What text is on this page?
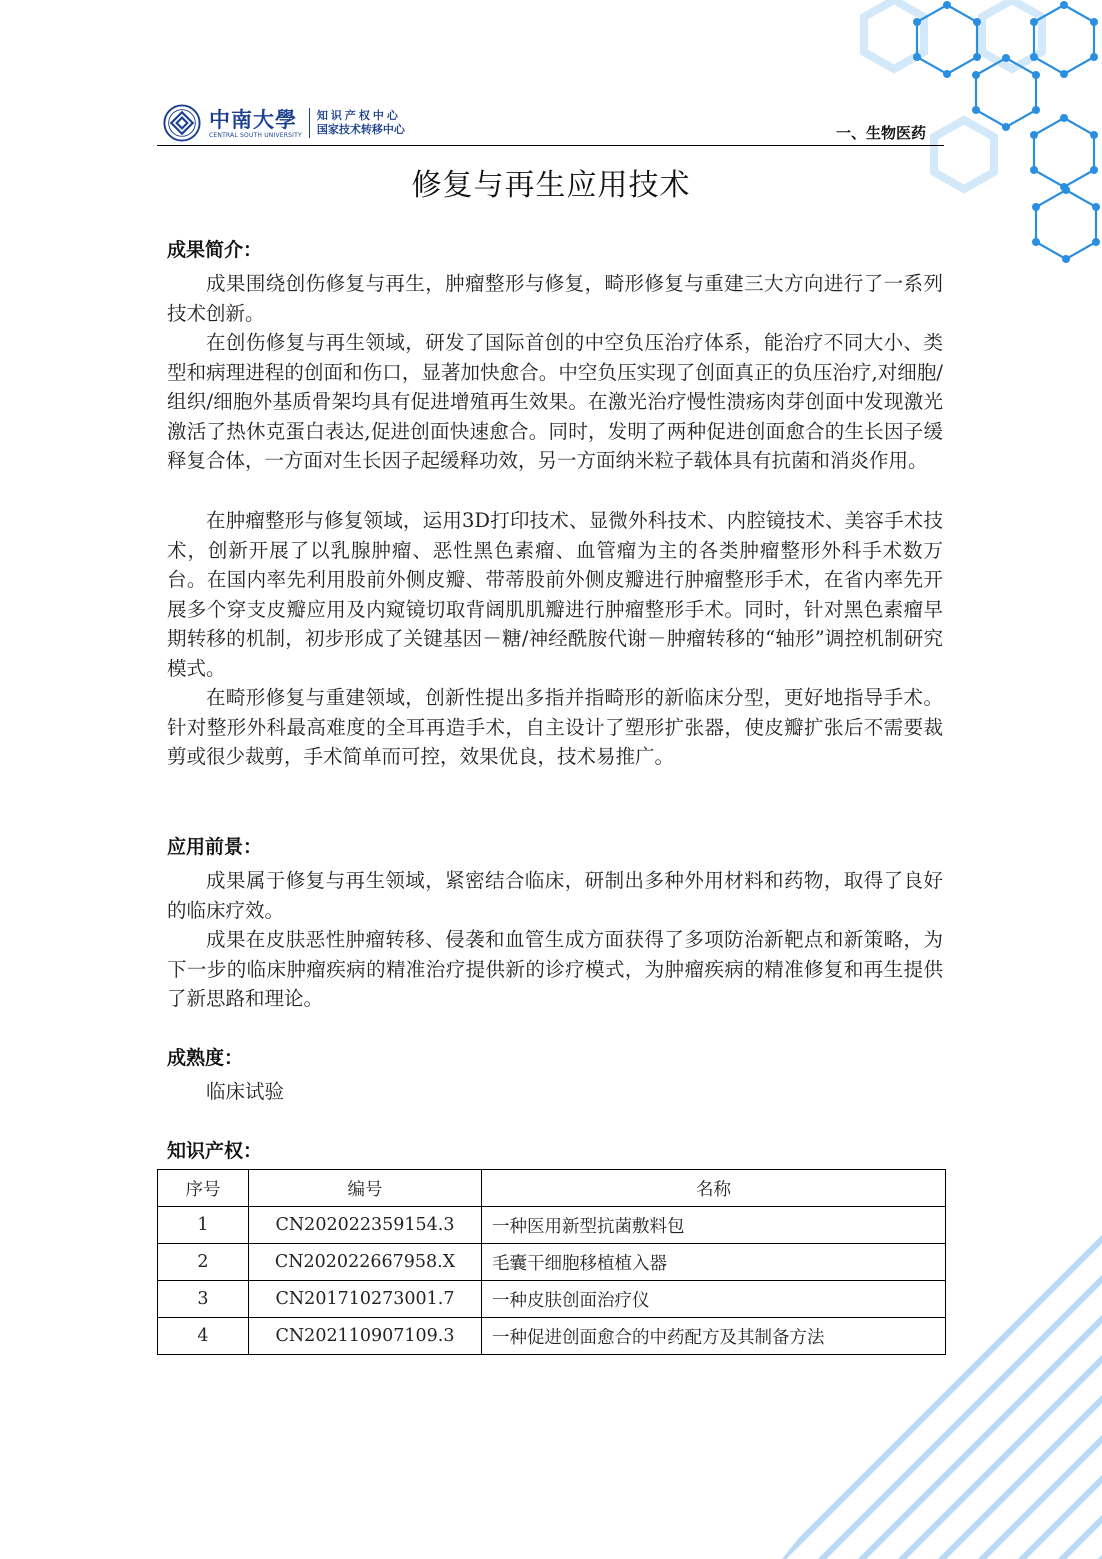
中南大學
CENTRAL SOUTH UNIVERSITY
知识产权中心
国家技术转移中心	一、生物医药
修复与再生应用技术
成果简介：

成果围绕创伤修复与再生，肿瘤整形与修复，畸形修复与重建三大方向进行了一系列技术创新。

在创伤修复与再生领域，研发了国际首创的中空负压治疗体系，能治疗不同大小、类型和病理进程的创面和伤口，显著加快愈合。中空负压实现了创面真正的负压治疗,对细胞/组织/细胞外基质骨架均具有促进增殖再生效果。在激光治疗慢性溃疡肉芽创面中发现激光激活了热休克蛋白表达,促进创面快速愈合。同时，发明了两种促进创面愈合的生长因子缓释复合体，一方面对生长因子起缓释功效，另一方面纳米粒子载体具有抗菌和消炎作用。

在肿瘤整形与修复领域，运用3D打印技术、显微外科技术、内腔镜技术、美容手术技术，创新开展了以乳腺肿瘤、恶性黑色素瘤、血管瘤为主的各类肿瘤整形外科手术数万台。在国内率先利用股前外侧皮瓣、带蒂股前外侧皮瓣进行肿瘤整形手术，在省内率先开展多个穿支皮瓣应用及内窥镜切取背阔肌肌瓣进行肿瘤整形手术。同时，针对黑色素瘤早期转移的机制，初步形成了关键基因－糖/神经酰胺代谢－肿瘤转移的“轴形”调控机制研究模式。

在畸形修复与重建领域，创新性提出多指并指畸形的新临床分型，更好地指导手术。针对整形外科最高难度的全耳再造手术，自主设计了塑形扩张器，使皮瓣扩张后不需要裁剪或很少裁剪，手术简单而可控，效果优良，技术易推广。

应用前景：

成果属于修复与再生领域，紧密结合临床，研制出多种外用材料和药物，取得了良好的临床疗效。

成果在皮肤恶性肿瘤转移、侵袭和血管生成方面获得了多项防治新靶点和新策略，为下一步的临床肿瘤疾病的精准治疗提供新的诊疗模式，为肿瘤疾病的精准修复和再生提供了新思路和理论。

成熟度：

临床试验

知识产权：
序号	编号	名称
1	CN202022359154.3	一种医用新型抗菌敷料包
2	CN202022667958.X	毛囊干细胞移植植入器
3	CN201710273001.7	一种皮肤创面治疗仪
4	CN202110907109.3	一种促进创面愈合的中药配方及其制备方法
